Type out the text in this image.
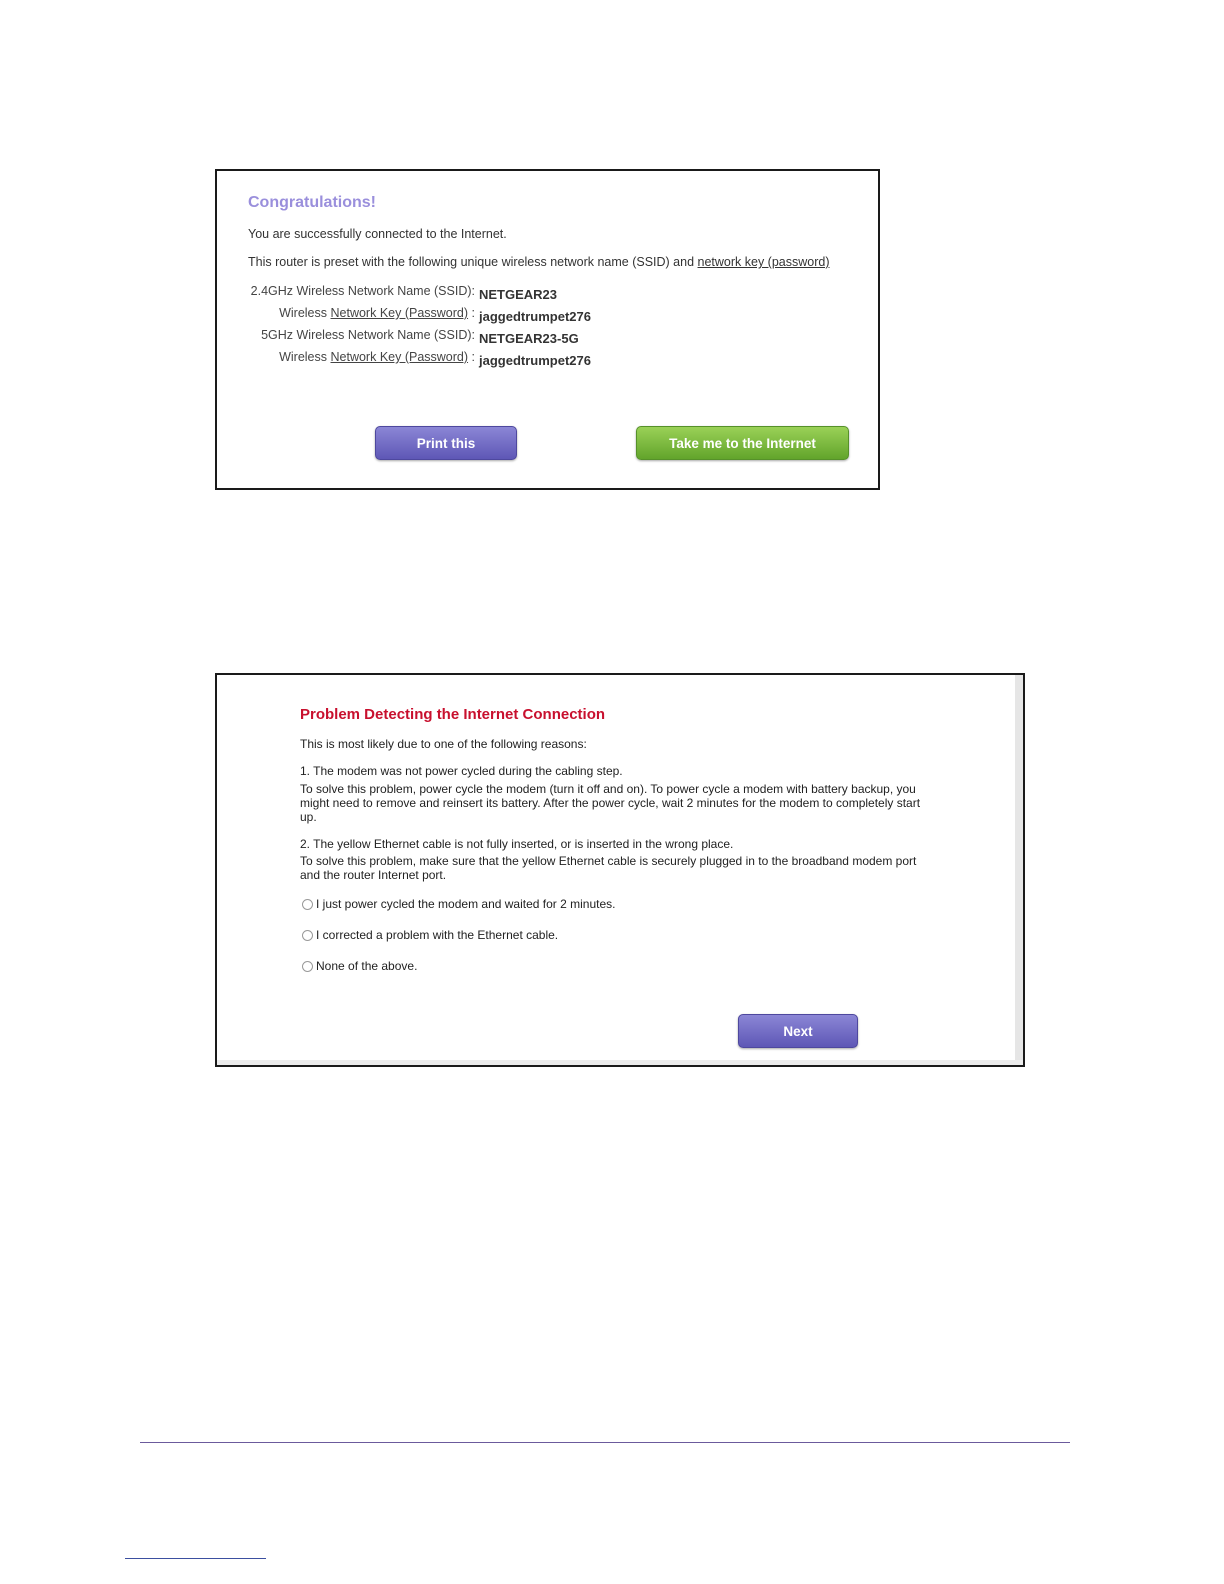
Congratulations!
You are successfully connected to the Internet.
This router is preset with the following unique wireless network name (SSID) and network key (password)
2.4GHz Wireless Network Name (SSID): NETGEAR23
Wireless Network Key (Password) : jaggedtrumpet276
5GHz Wireless Network Name (SSID): NETGEAR23-5G
Wireless Network Key (Password) : jaggedtrumpet276
Print this	Take me to the Internet
Problem Detecting the Internet Connection
This is most likely due to one of the following reasons:
1. The modem was not power cycled during the cabling step.
To solve this problem, power cycle the modem (turn it off and on). To power cycle a modem with battery backup, you might need to remove and reinsert its battery. After the power cycle, wait 2 minutes for the modem to completely start up.
2. The yellow Ethernet cable is not fully inserted, or is inserted in the wrong place.
To solve this problem, make sure that the yellow Ethernet cable is securely plugged in to the broadband modem port and the router Internet port.
I just power cycled the modem and waited for 2 minutes.
I corrected a problem with the Ethernet cable.
None of the above.
Next
